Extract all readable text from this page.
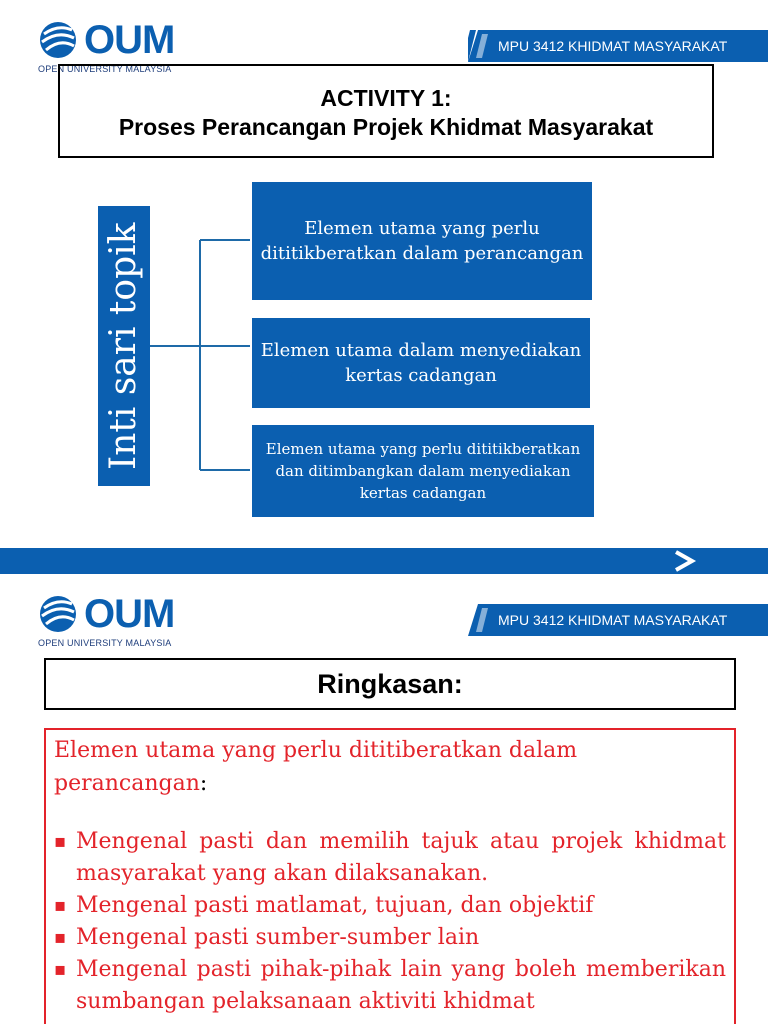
OUM
OPEN UNIVERSITY MALAYSIA
MPU 3412 KHIDMAT MASYARAKAT
ACTIVITY 1:
Proses Perancangan Projek Khidmat Masyarakat
Inti sari topik	Elemen utama yang perlu dititikberatkan dalam perancangan
Elemen utama dalam menyediakan kertas cadangan
Elemen utama yang perlu dititikberatkan dan ditimbangkan dalam menyediakan kertas cadangan
OUM
OPEN UNIVERSITY MALAYSIA
MPU 3412 KHIDMAT MASYARAKAT
Ringkasan:
Elemen utama yang perlu dititiberatkan dalam perancangan:
▪ Mengenal pasti dan memilih tajuk atau projek khidmat masyarakat yang akan dilaksanakan.
▪ Mengenal pasti matlamat, tujuan, dan objektif
▪ Mengenal pasti sumber-sumber lain
▪ Mengenal pasti pihak-pihak lain yang boleh memberikan sumbangan pelaksanaan aktiviti khidmat
